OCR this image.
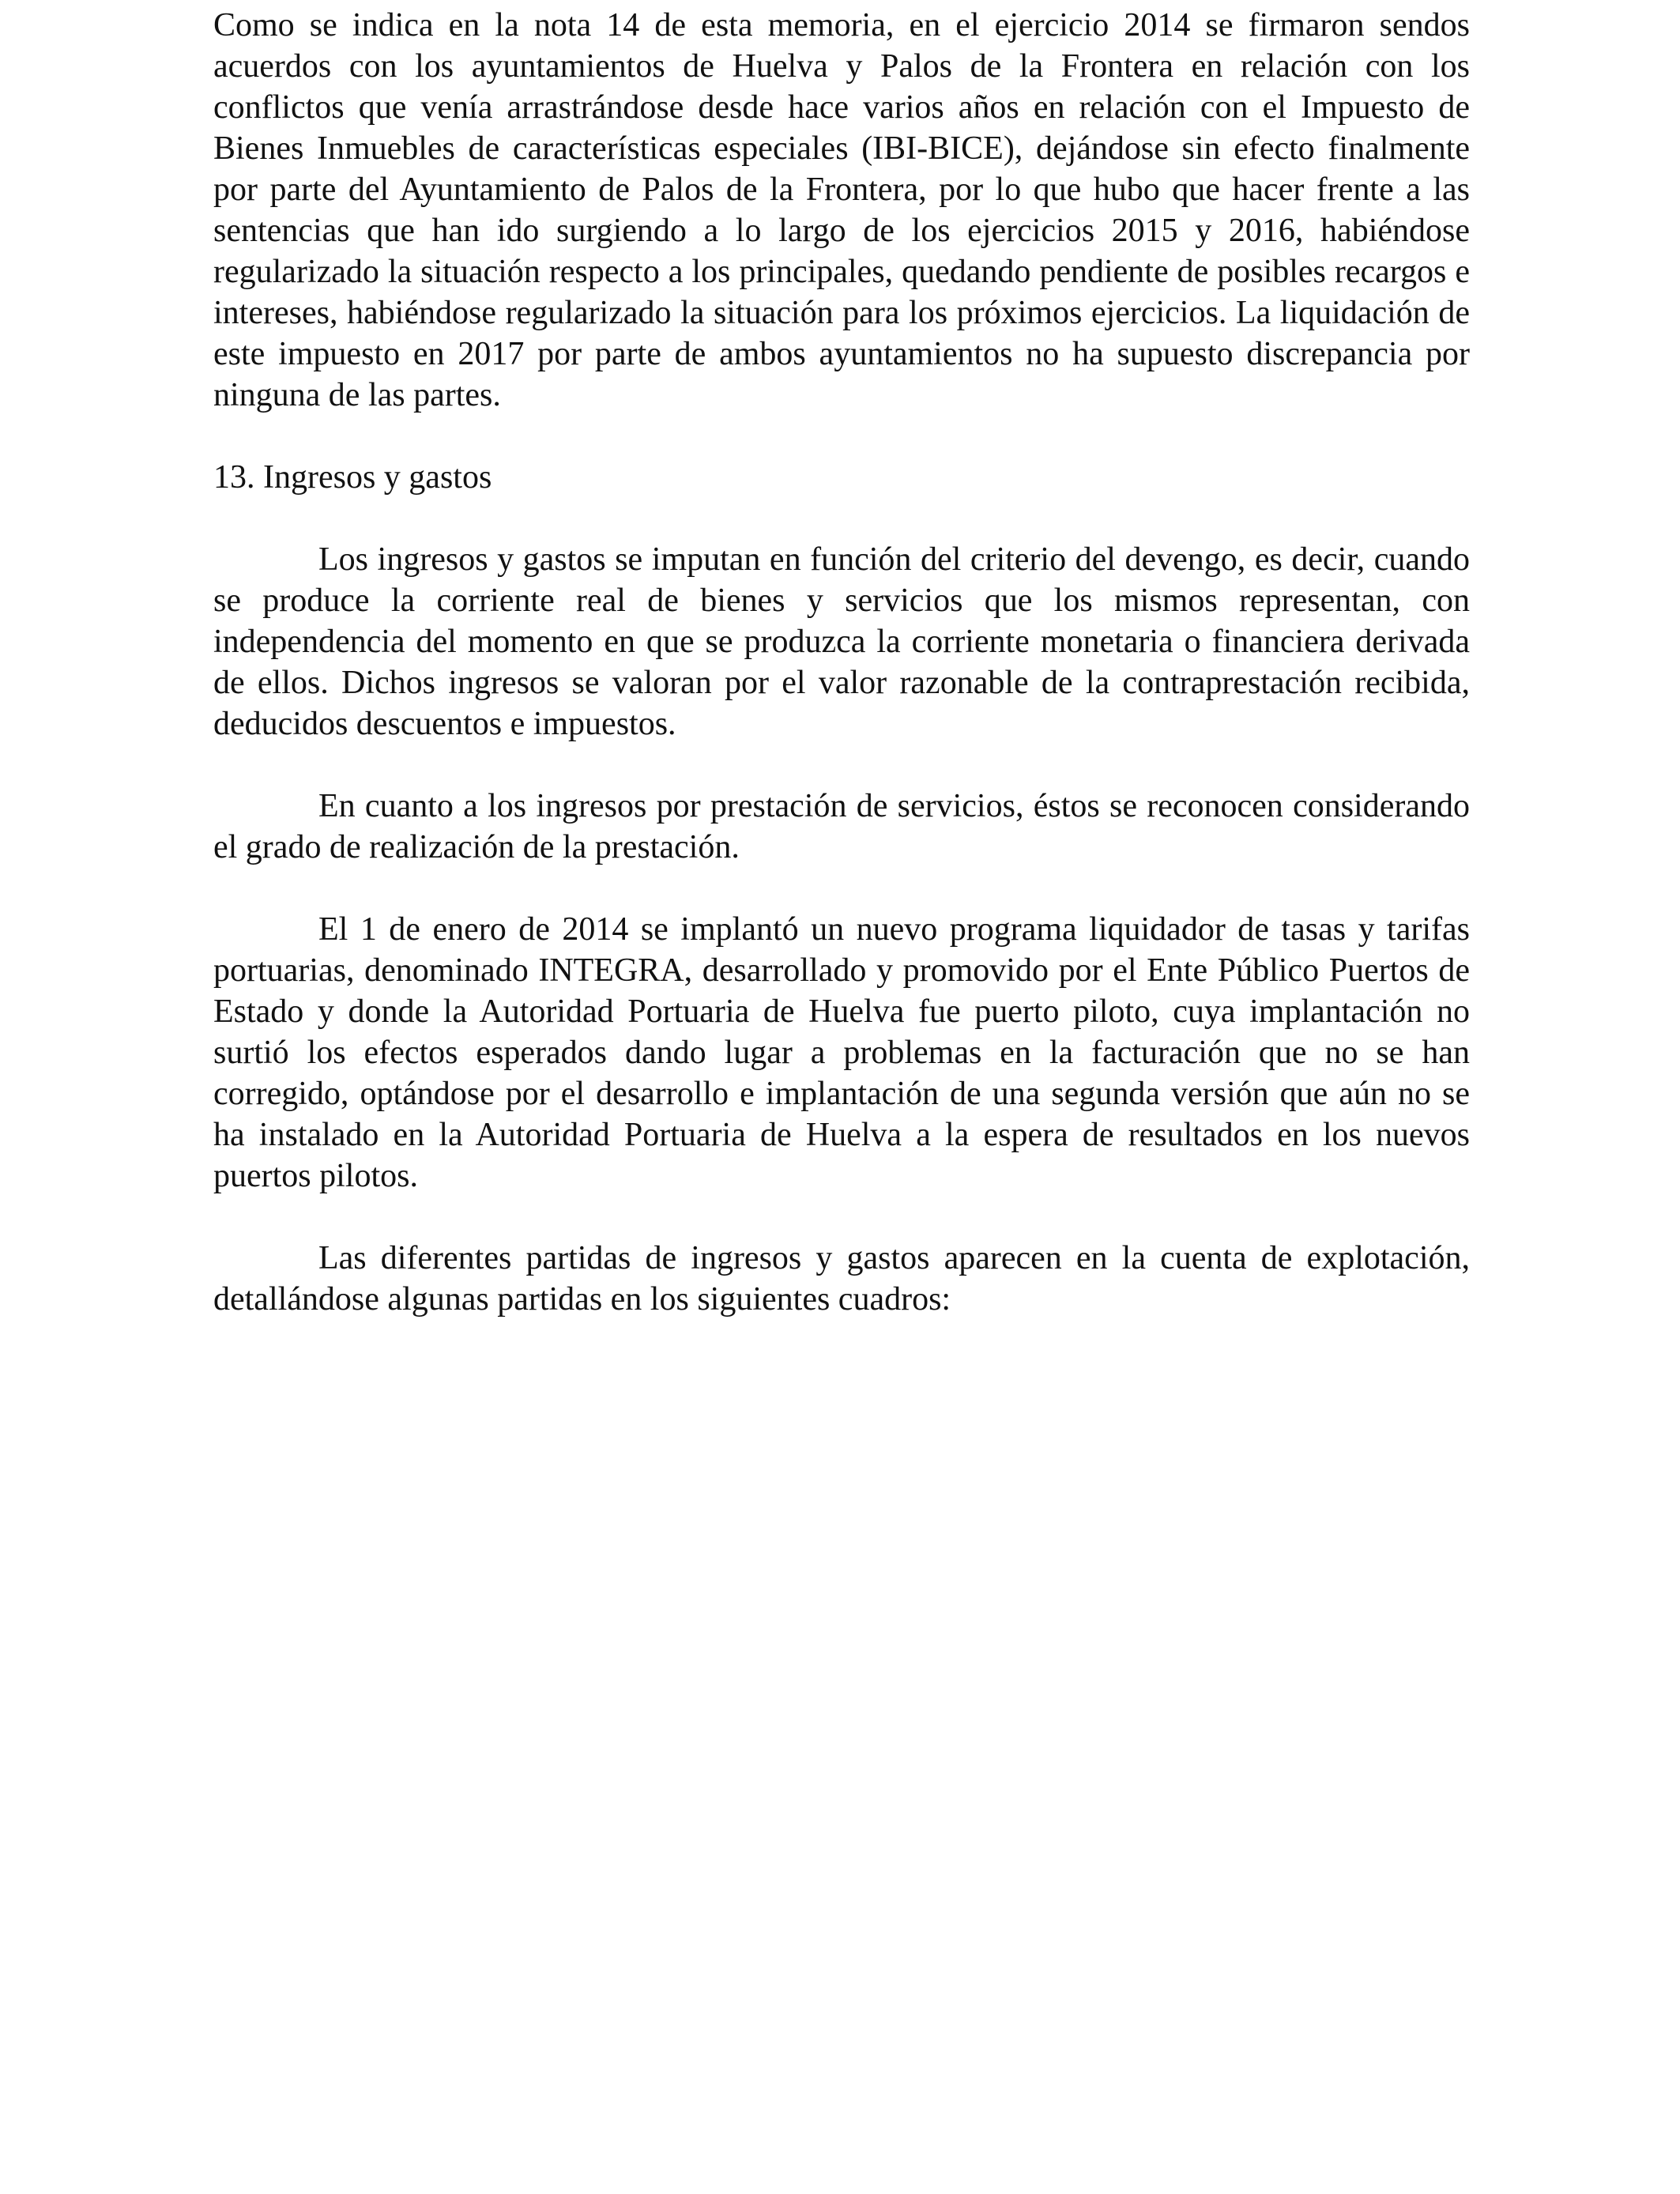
Como se indica en la nota 14 de esta memoria, en el ejercicio 2014 se firmaron sendos acuerdos con los ayuntamientos de Huelva y Palos de la Frontera en relación con los conflictos que venía arrastrándose desde hace varios años en relación con el Impuesto de Bienes Inmuebles de características especiales (IBI-BICE), dejándose sin efecto finalmente por parte del Ayuntamiento de Palos de la Frontera, por lo que hubo que hacer frente a las sentencias que han ido surgiendo a lo largo de los ejercicios 2015 y 2016, habiéndose regularizado la situación respecto a los principales, quedando pendiente de posibles recargos e intereses, habiéndose regularizado la situación para los próximos ejercicios. La liquidación de este impuesto en 2017 por parte de ambos ayuntamientos no ha supuesto discrepancia por ninguna de las partes.

13. Ingresos y gastos

Los ingresos y gastos se imputan en función del criterio del devengo, es decir, cuando se produce la corriente real de bienes y servicios que los mismos representan, con independencia del momento en que se produzca la corriente monetaria o financiera derivada de ellos. Dichos ingresos se valoran por el valor razonable de la contraprestación recibida, deducidos descuentos e impuestos.

En cuanto a los ingresos por prestación de servicios, éstos se reconocen considerando el grado de realización de la prestación.

El 1 de enero de 2014 se implantó un nuevo programa liquidador de tasas y tarifas portuarias, denominado INTEGRA, desarrollado y promovido por el Ente Público Puertos de Estado y donde la Autoridad Portuaria de Huelva fue puerto piloto, cuya implantación no surtió los efectos esperados dando lugar a problemas en la facturación que no se han corregido, optándose por el desarrollo e implantación de una segunda versión que aún no se ha instalado en la Autoridad Portuaria de Huelva a la espera de resultados en los nuevos puertos pilotos.

Las diferentes partidas de ingresos y gastos aparecen en la cuenta de explotación, detallándose algunas partidas en los siguientes cuadros:
